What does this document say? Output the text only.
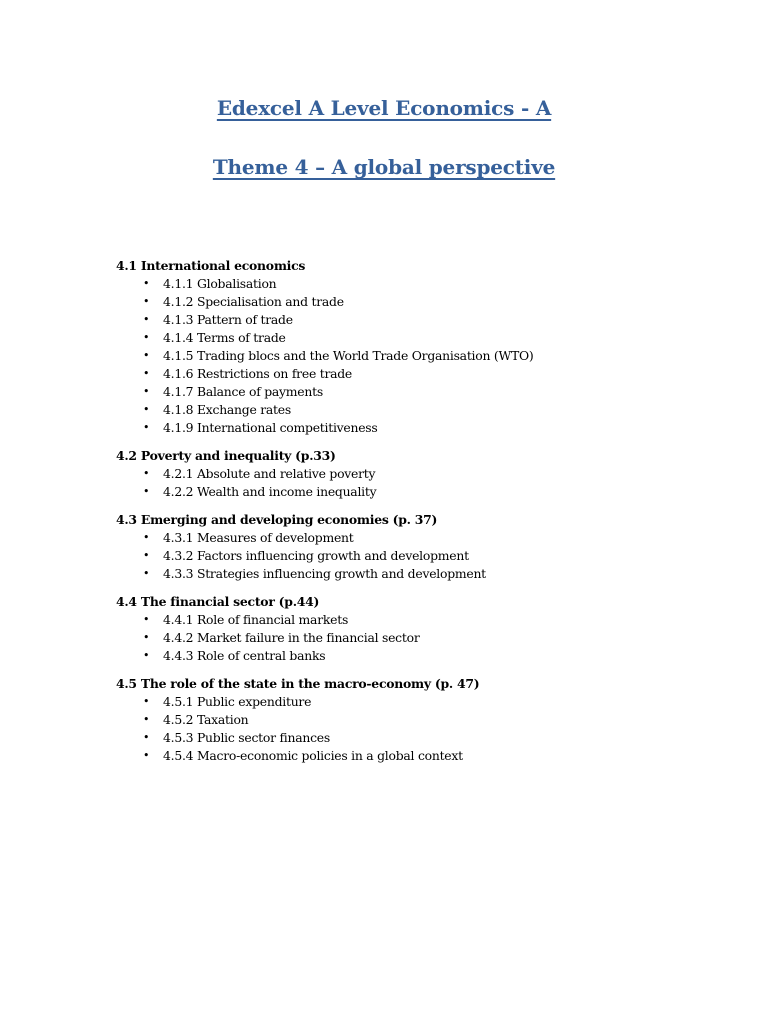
Edexcel A Level Economics - A
Theme 4 – A global perspective
4.1 International economics
• 4.1.1 Globalisation
• 4.1.2 Specialisation and trade
• 4.1.3 Pattern of trade
• 4.1.4 Terms of trade
• 4.1.5 Trading blocs and the World Trade Organisation (WTO)
• 4.1.6 Restrictions on free trade
• 4.1.7 Balance of payments
• 4.1.8 Exchange rates
• 4.1.9 International competitiveness
4.2 Poverty and inequality (p.33)
• 4.2.1 Absolute and relative poverty
• 4.2.2 Wealth and income inequality
4.3 Emerging and developing economies (p. 37)
• 4.3.1 Measures of development
• 4.3.2 Factors influencing growth and development
• 4.3.3 Strategies influencing growth and development
4.4 The financial sector (p.44)
• 4.4.1 Role of financial markets
• 4.4.2 Market failure in the financial sector
• 4.4.3 Role of central banks
4.5 The role of the state in the macro-economy (p. 47)
• 4.5.1 Public expenditure
• 4.5.2 Taxation
• 4.5.3 Public sector finances
• 4.5.4 Macro-economic policies in a global context
